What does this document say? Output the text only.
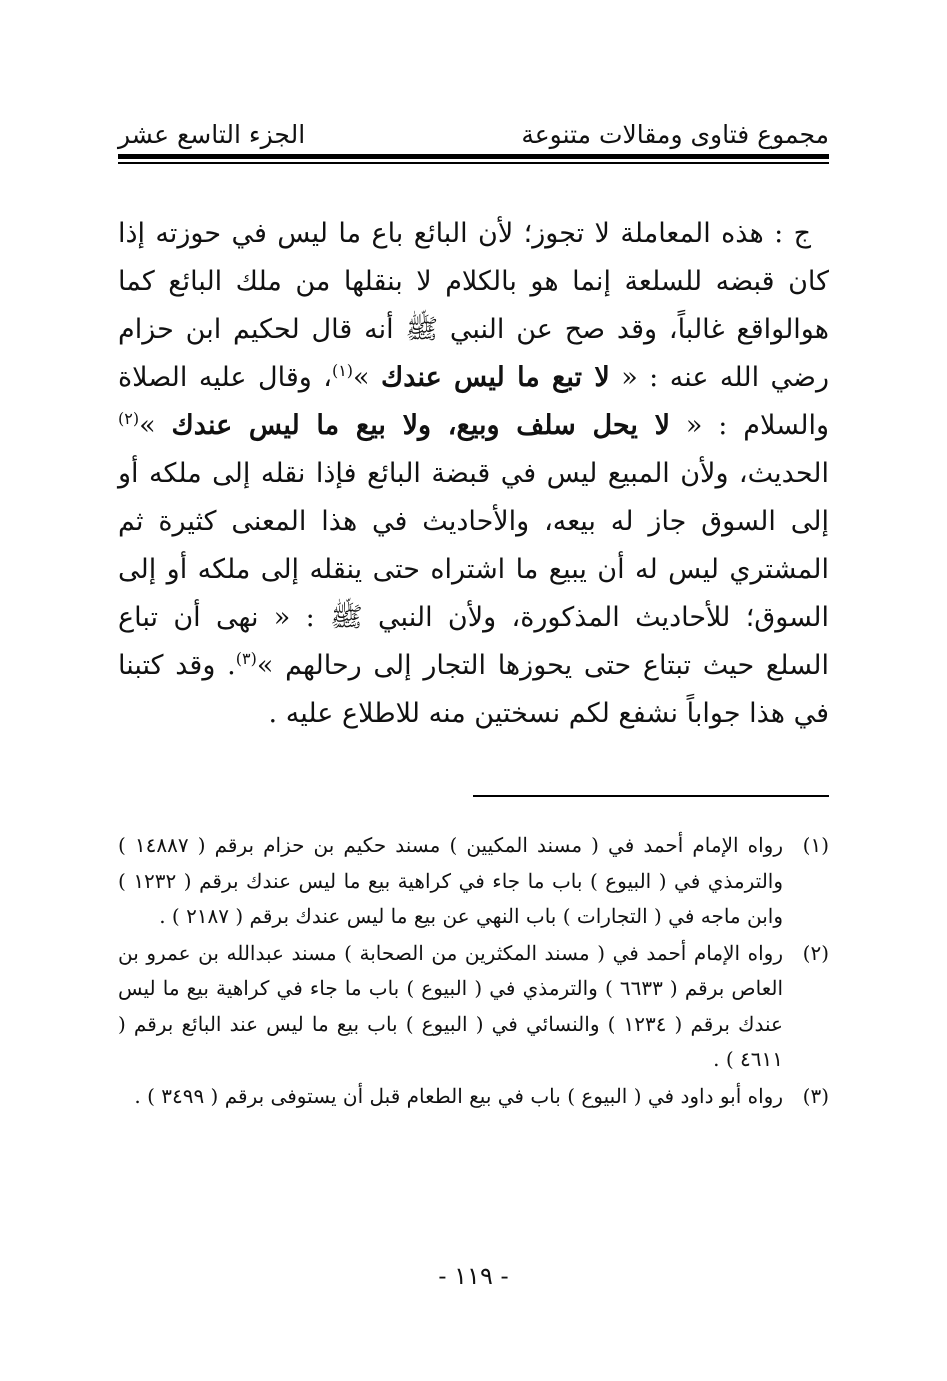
مجموع فتاوى ومقالات متنوعة
الجزء التاسع عشر

ج : هذه المعاملة لا تجوز؛ لأن البائع باع ما ليس في حوزته إذا كان قبضه للسلعة إنما هو بالكلام لا بنقلها من ملك البائع كما هوالواقع غالباً، وقد صح عن النبي ﷺ أنه قال لحكيم ابن حزام رضي الله عنه : « لا تبع ما ليس عندك »$^{(١)}$، وقال عليه الصلاة والسلام : « لا يحل سلف وبيع، ولا بيع ما ليس عندك »$^{(٢)}$ الحديث، ولأن المبيع ليس في قبضة البائع فإذا نقله إلى ملكه أو إلى السوق جاز له بيعه، والأحاديث في هذا المعنى كثيرة ثم المشتري ليس له أن يبيع ما اشتراه حتى ينقله إلى ملكه أو إلى السوق؛ للأحاديث المذكورة، ولأن النبي ﷺ : « نهى أن تباع السلع حيث تبتاع حتى يحوزها التجار إلى رحالهم »$^{(٣)}$. وقد كتبنا في هذا جواباً نشفع لكم نسختين منه للاطلاع عليه .

(١)
رواه الإمام أحمد في ( مسند المكيين ) مسند حكيم بن حزام برقم ( ١٤٨٨٧ ) والترمذي في ( البيوع ) باب ما جاء في كراهية بيع ما ليس عندك برقم ( ١٢٣٢ ) وابن ماجه في ( التجارات ) باب النهي عن بيع ما ليس عندك برقم ( ٢١٨٧ ) .
(٢)
رواه الإمام أحمد في ( مسند المكثرين من الصحابة ) مسند عبدالله بن عمرو بن العاص برقم ( ٦٦٣٣ ) والترمذي في ( البيوع ) باب ما جاء في كراهية بيع ما ليس عندك برقم ( ١٢٣٤ ) والنسائي في ( البيوع ) باب بيع ما ليس عند البائع برقم ( ٤٦١١ ) .
(٣)
رواه أبو داود في ( البيوع ) باب في بيع الطعام قبل أن يستوفى برقم ( ٣٤٩٩ ) .
- ١١٩ -
